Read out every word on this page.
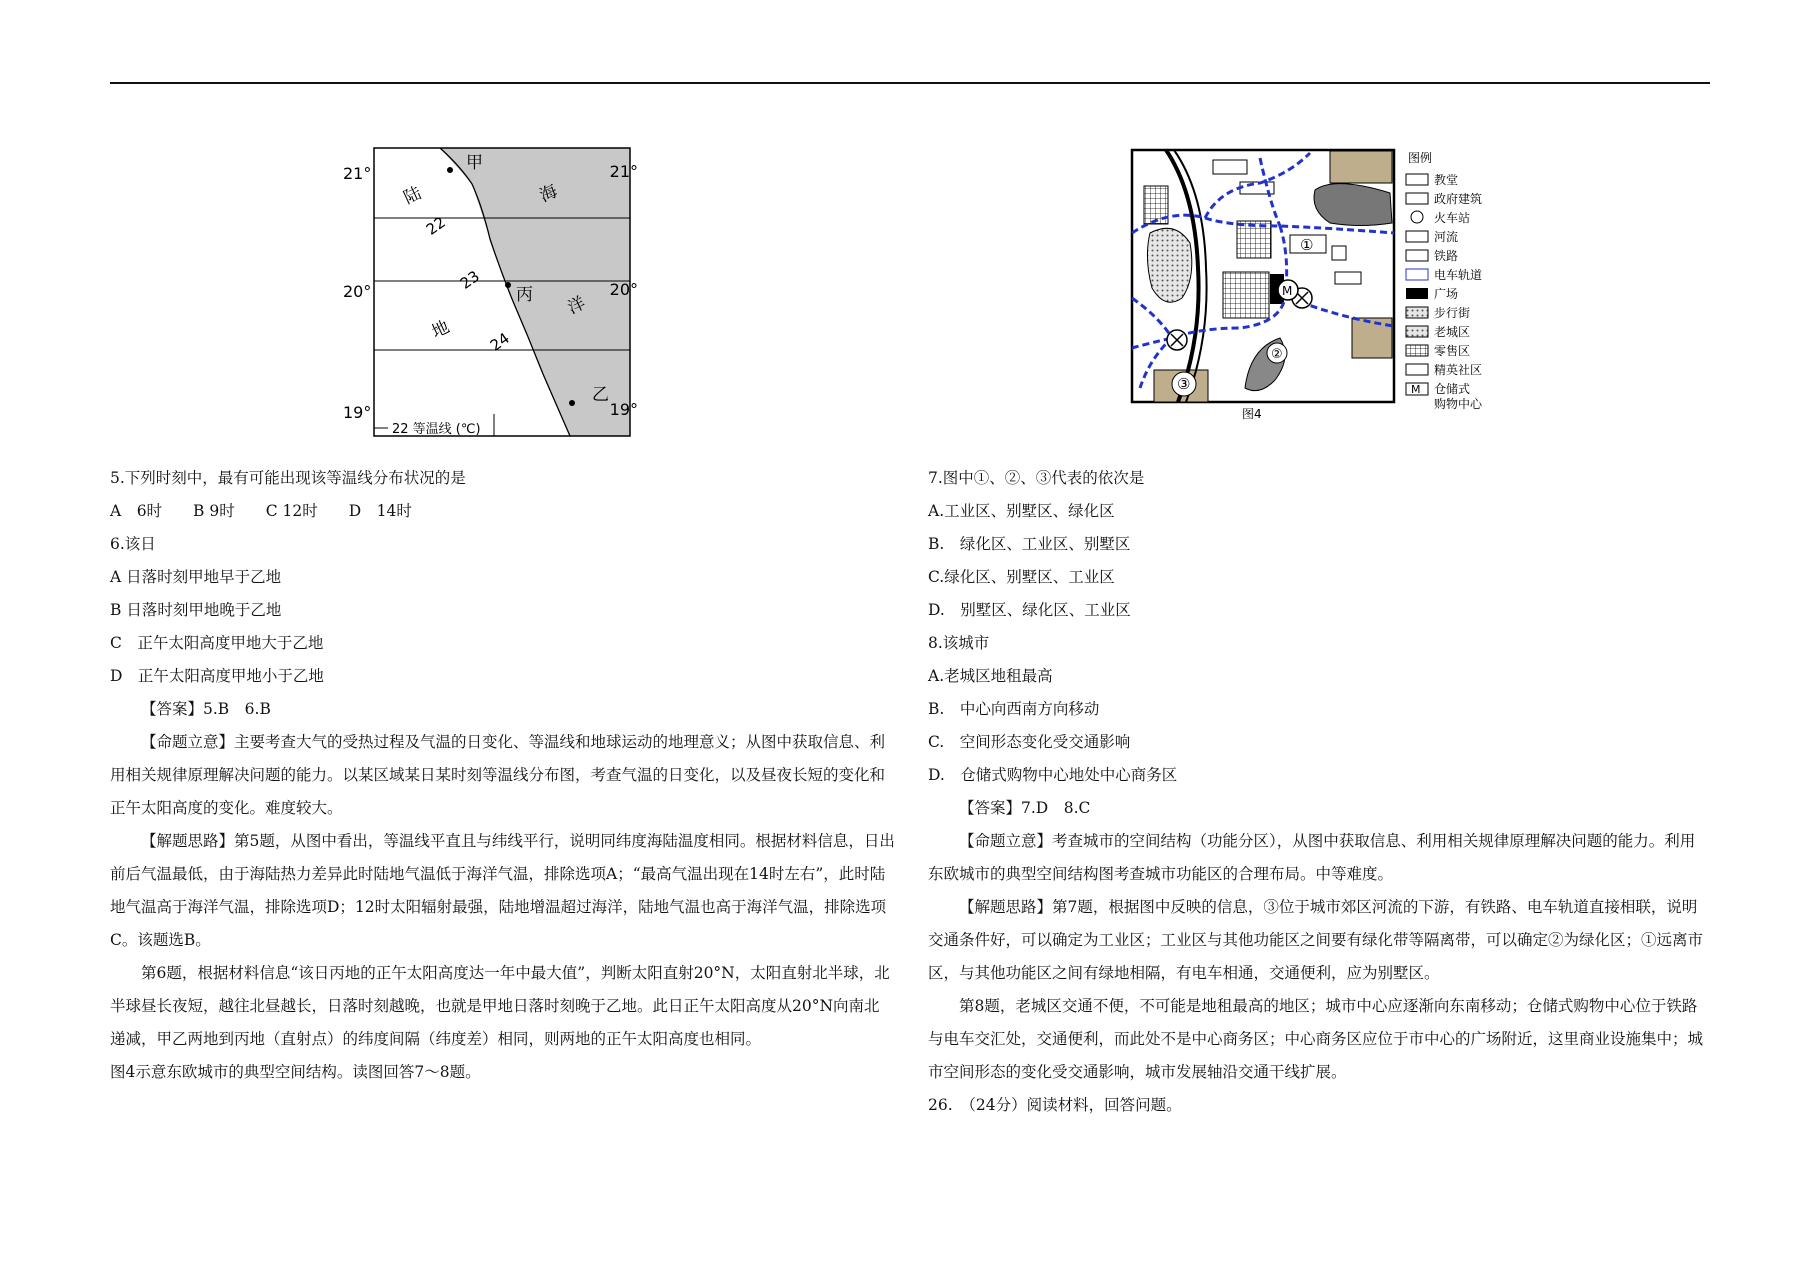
21°	21°
20°	20°
19°	19°
甲
陆	海
丙 洋
地
乙
22
23
24
22 等温线 (℃)
M
①
②
③
图例
教堂
政府建筑
火车站
河流
铁路
电车轨道
广场
步行街
老城区
零售区
精英社区
M 仓储式
购物中心
图4

5.下列时刻中，最有可能出现该等温线分布状况的是

A　6时　　B 9时　　C 12时　　D　14时

6.该日

A 日落时刻甲地早于乙地

B 日落时刻甲地晚于乙地

C　正午太阳高度甲地大于乙地

D　正午太阳高度甲地小于乙地

【答案】5.B　6.B

【命题立意】主要考查大气的受热过程及气温的日变化、等温线和地球运动的地理意义；从图中获取信息、利用相关规律原理解决问题的能力。以某区域某日某时刻等温线分布图，考查气温的日变化，以及昼夜长短的变化和正午太阳高度的变化。难度较大。

【解题思路】第5题，从图中看出，等温线平直且与纬线平行，说明同纬度海陆温度相同。根据材料信息，日出前后气温最低，由于海陆热力差异此时陆地气温低于海洋气温，排除选项A；“最高气温出现在14时左右”，此时陆地气温高于海洋气温，排除选项D；12时太阳辐射最强，陆地增温超过海洋，陆地气温也高于海洋气温，排除选项C。该题选B。

第6题，根据材料信息“该日丙地的正午太阳高度达一年中最大值”，判断太阳直射20°N，太阳直射北半球，北半球昼长夜短，越往北昼越长，日落时刻越晚，也就是甲地日落时刻晚于乙地。此日正午太阳高度从20°N向南北递减，甲乙两地到丙地（直射点）的纬度间隔（纬度差）相同，则两地的正午太阳高度也相同。

图4示意东欧城市的典型空间结构。读图回答7～8题。

7.图中①、②、③代表的依次是

A.工业区、别墅区、绿化区

B.　绿化区、工业区、别墅区

C.绿化区、别墅区、工业区

D.　别墅区、绿化区、工业区

8.该城市

A.老城区地租最高

B.　中心向西南方向移动

C.　空间形态变化受交通影响

D.　仓储式购物中心地处中心商务区

【答案】7.D　8.C

【命题立意】考查城市的空间结构（功能分区），从图中获取信息、利用相关规律原理解决问题的能力。利用东欧城市的典型空间结构图考查城市功能区的合理布局。中等难度。

【解题思路】第7题，根据图中反映的信息，③位于城市郊区河流的下游，有铁路、电车轨道直接相联，说明交通条件好，可以确定为工业区；工业区与其他功能区之间要有绿化带等隔离带，可以确定②为绿化区；①远离市区，与其他功能区之间有绿地相隔，有电车相通，交通便利，应为别墅区。

第8题，老城区交通不便，不可能是地租最高的地区；城市中心应逐渐向东南移动；仓储式购物中心位于铁路与电车交汇处，交通便利，而此处不是中心商务区；中心商务区应位于市中心的广场附近，这里商业设施集中；城市空间形态的变化受交通影响，城市发展轴沿交通干线扩展。

26.　（24分）阅读材料，回答问题。
